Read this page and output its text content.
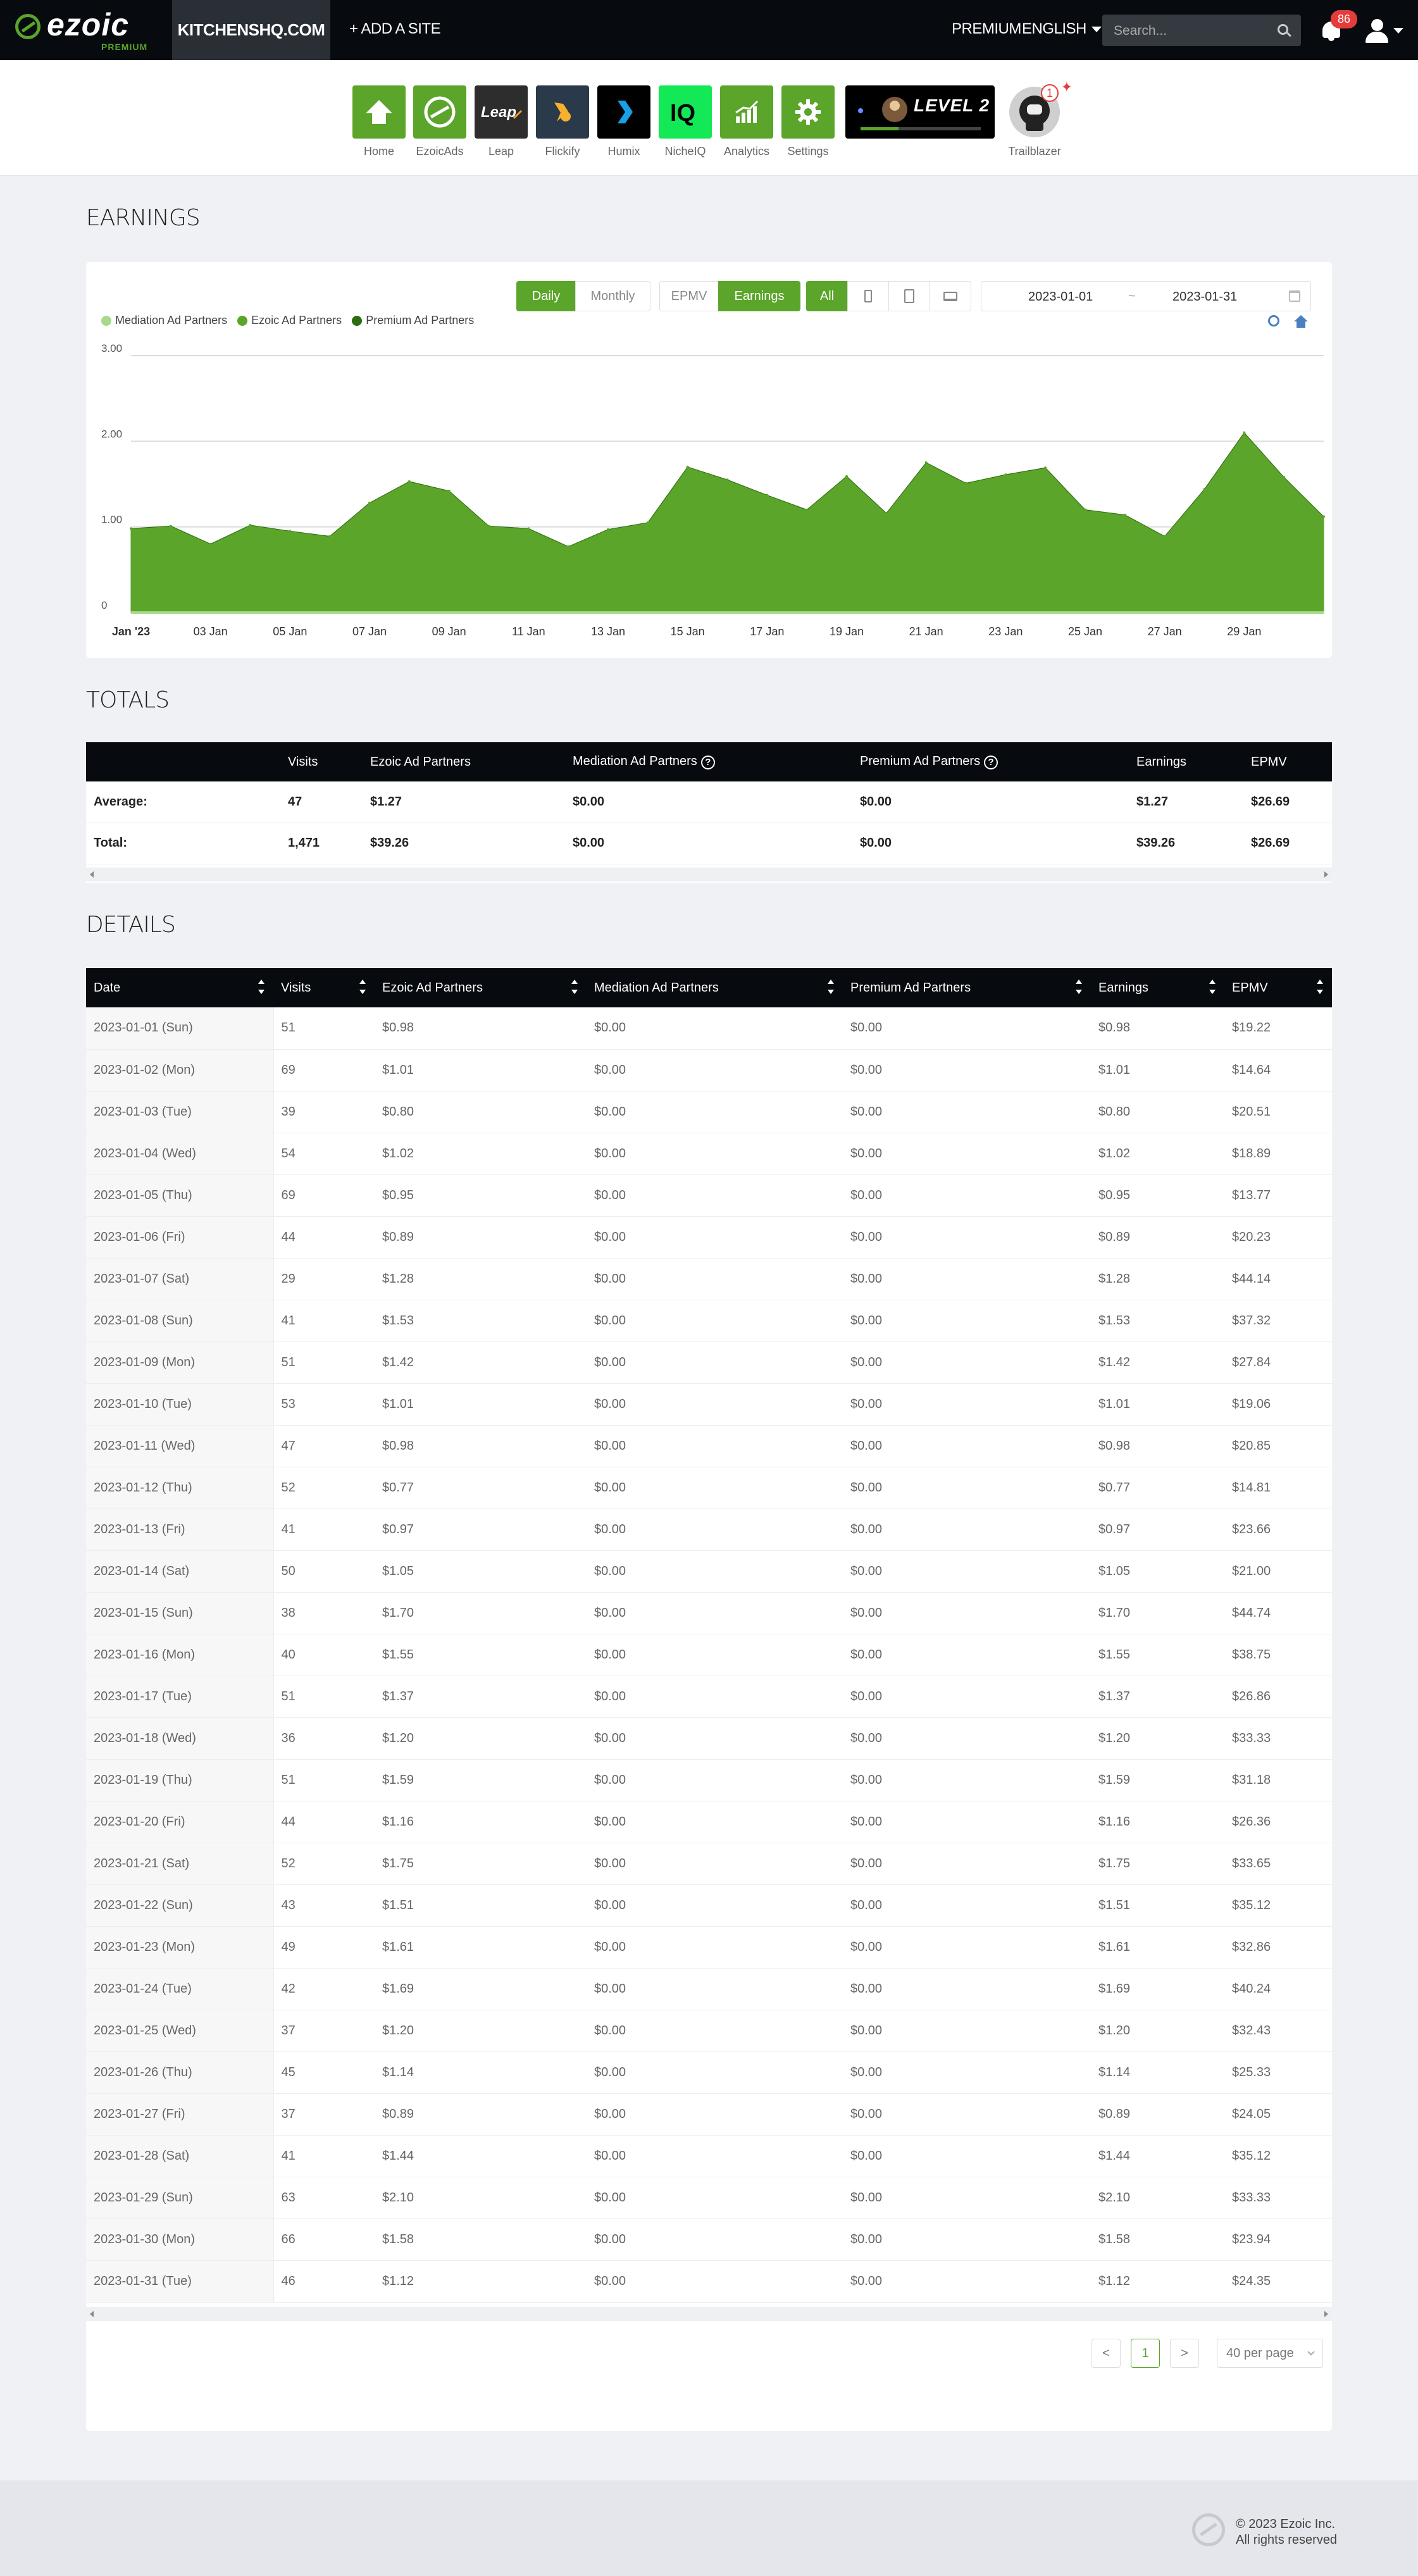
ezoic
PREMIUM
KITCHENSHQ.COM	+ ADD A SITE	PREMIUM ENGLISH	Search...
86
Home	EzoicAds
Leap
Leap	Flickify	Humix
IQ
NicheIQ	Analytics	Settings
LEVEL 2
1 ✦
Trailblazer
EARNINGS
Daily	Monthly	EPMV	Earnings	All	2023-01-01	~	2023-01-31
Mediation Ad Partners Ezoic Ad Partners Premium Ad Partners
0
1.00
2.00
3.00
Jan '23	03 Jan	05 Jan	07 Jan	09 Jan	11 Jan	13 Jan	15 Jan	17 Jan	19 Jan	21 Jan	23 Jan	25 Jan	27 Jan	29 Jan
TOTALS
	Visits	Ezoic Ad Partners	Mediation Ad Partners ?	Premium Ad Partners ?	Earnings	EPMV
Average:	47	$1.27	$0.00	$0.00	$1.27	$26.69
Total:	1,471	$39.26	$0.00	$0.00	$39.26	$26.69
DETAILS
Date	Visits	Ezoic Ad Partners	Mediation Ad Partners	Premium Ad Partners	Earnings	EPMV

2023-01-01 (Sun)	51	$0.98	$0.00	$0.00	$0.98	$19.22
2023-01-02 (Mon)	69	$1.01	$0.00	$0.00	$1.01	$14.64
2023-01-03 (Tue)	39	$0.80	$0.00	$0.00	$0.80	$20.51
2023-01-04 (Wed)	54	$1.02	$0.00	$0.00	$1.02	$18.89
2023-01-05 (Thu)	69	$0.95	$0.00	$0.00	$0.95	$13.77
2023-01-06 (Fri)	44	$0.89	$0.00	$0.00	$0.89	$20.23
2023-01-07 (Sat)	29	$1.28	$0.00	$0.00	$1.28	$44.14
2023-01-08 (Sun)	41	$1.53	$0.00	$0.00	$1.53	$37.32
2023-01-09 (Mon)	51	$1.42	$0.00	$0.00	$1.42	$27.84
2023-01-10 (Tue)	53	$1.01	$0.00	$0.00	$1.01	$19.06
2023-01-11 (Wed)	47	$0.98	$0.00	$0.00	$0.98	$20.85
2023-01-12 (Thu)	52	$0.77	$0.00	$0.00	$0.77	$14.81
2023-01-13 (Fri)	41	$0.97	$0.00	$0.00	$0.97	$23.66
2023-01-14 (Sat)	50	$1.05	$0.00	$0.00	$1.05	$21.00
2023-01-15 (Sun)	38	$1.70	$0.00	$0.00	$1.70	$44.74
2023-01-16 (Mon)	40	$1.55	$0.00	$0.00	$1.55	$38.75
2023-01-17 (Tue)	51	$1.37	$0.00	$0.00	$1.37	$26.86
2023-01-18 (Wed)	36	$1.20	$0.00	$0.00	$1.20	$33.33
2023-01-19 (Thu)	51	$1.59	$0.00	$0.00	$1.59	$31.18
2023-01-20 (Fri)	44	$1.16	$0.00	$0.00	$1.16	$26.36
2023-01-21 (Sat)	52	$1.75	$0.00	$0.00	$1.75	$33.65
2023-01-22 (Sun)	43	$1.51	$0.00	$0.00	$1.51	$35.12
2023-01-23 (Mon)	49	$1.61	$0.00	$0.00	$1.61	$32.86
2023-01-24 (Tue)	42	$1.69	$0.00	$0.00	$1.69	$40.24
2023-01-25 (Wed)	37	$1.20	$0.00	$0.00	$1.20	$32.43
2023-01-26 (Thu)	45	$1.14	$0.00	$0.00	$1.14	$25.33
2023-01-27 (Fri)	37	$0.89	$0.00	$0.00	$0.89	$24.05
2023-01-28 (Sat)	41	$1.44	$0.00	$0.00	$1.44	$35.12
2023-01-29 (Sun)	63	$2.10	$0.00	$0.00	$2.10	$33.33
2023-01-30 (Mon)	66	$1.58	$0.00	$0.00	$1.58	$23.94
2023-01-31 (Tue)	46	$1.12	$0.00	$0.00	$1.12	$24.35
<	1	>	40 per page
© 2023 Ezoic Inc.
All rights reserved
